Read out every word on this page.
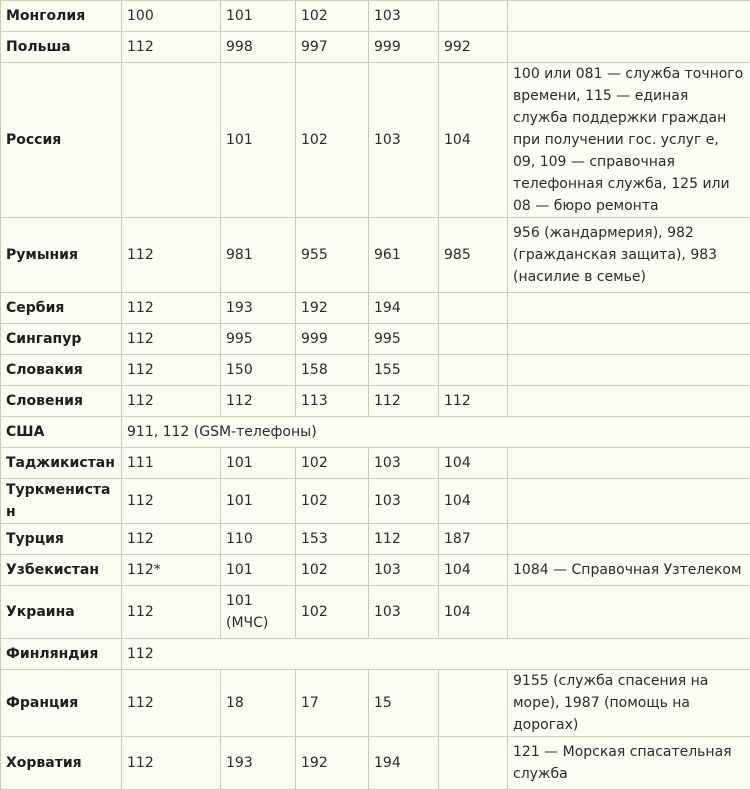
Монголия	100	101	102	103		
Польша	112	998	997	999	992	
Россия		101	102	103	104	100 или 081 — служба точного времени, 115 — единая служба поддержки граждан при получении гос. услуг е, 09, 109 — справочная телефонная служба, 125 или 08 — бюро ремонта
Румыния	112	981	955	961	985	956 (жандармерия), 982 (гражданская защита), 983 (насилие в семье)
Сербия	112	193	192	194		
Сингапур	112	995	999	995		
Словакия	112	150	158	155		
Словения	112	112	113	112	112	
США	911, 112 (GSM-телефоны)					
Таджикистан	111	101	102	103	104	
Туркменистан	112	101	102	103	104	
Турция	112	110	153	112	187	
Узбекистан	112*	101	102	103	104	1084 — Справочная Узтелеком
Украина	112	101 (МЧС)	102	103	104	
Финляндия	112					
Франция	112	18	17	15		9155 (служба спасения на море), 1987 (помощь на дорогах)
Хорватия	112	193	192	194		121 — Морская спасательная служба
